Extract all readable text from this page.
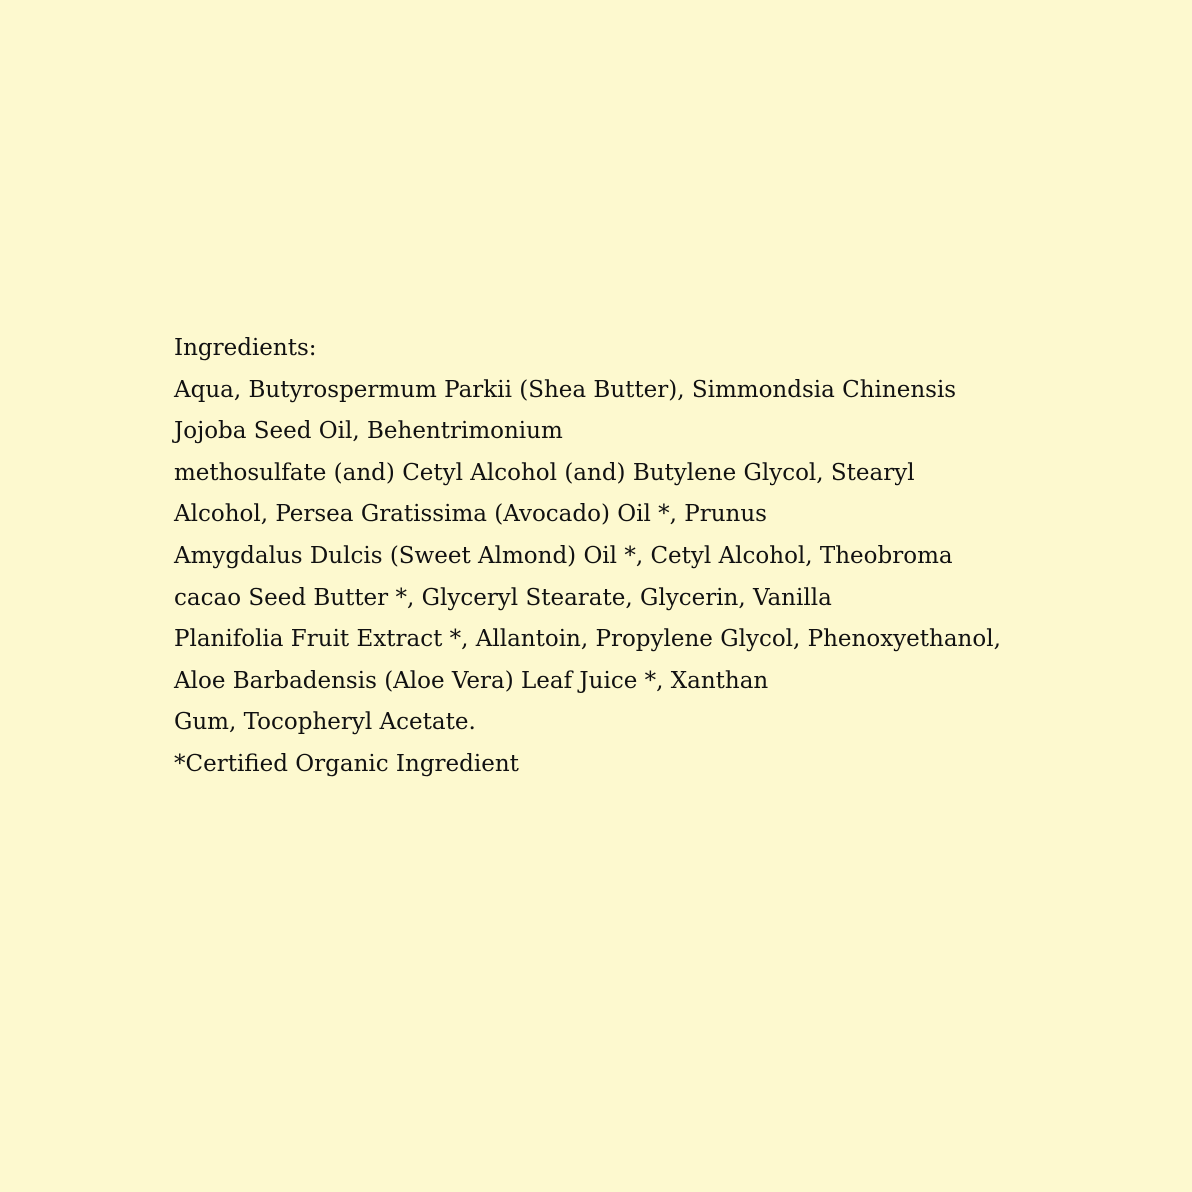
Ingredients:
Aqua, Butyrospermum Parkii (Shea Butter), Simmondsia Chinensis
Jojoba Seed Oil, Behentrimonium
methosulfate (and) Cetyl Alcohol (and) Butylene Glycol, Stearyl
Alcohol, Persea Gratissima (Avocado) Oil *, Prunus
Amygdalus Dulcis (Sweet Almond) Oil *, Cetyl Alcohol, Theobroma
cacao Seed Butter *, Glyceryl Stearate, Glycerin, Vanilla
Planifolia Fruit Extract *, Allantoin, Propylene Glycol, Phenoxyethanol,
Aloe Barbadensis (Aloe Vera) Leaf Juice *, Xanthan
Gum, Tocopheryl Acetate.
*Certified Organic Ingredient
